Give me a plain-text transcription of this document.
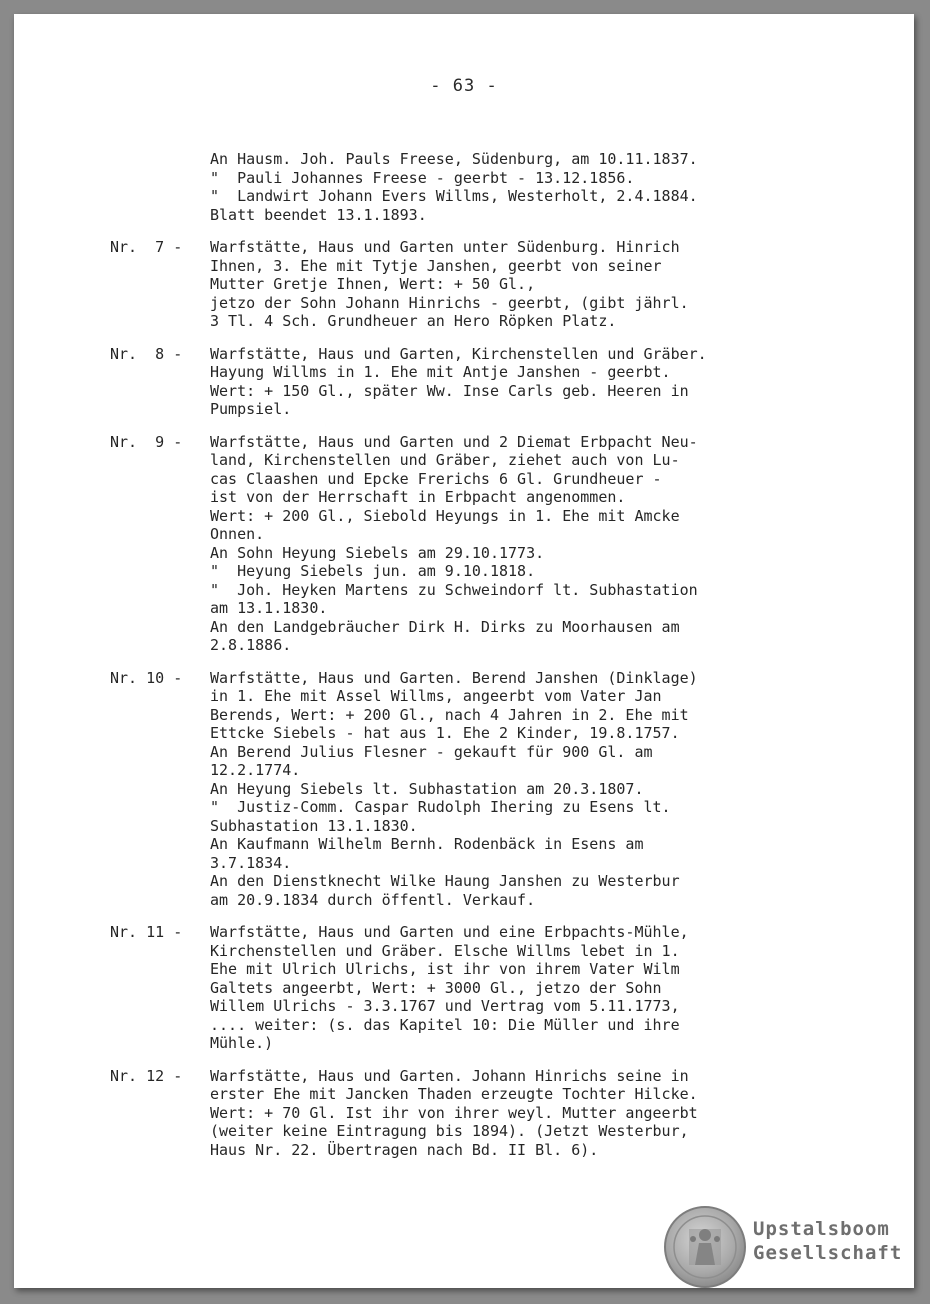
- 63 -
An Hausm. Joh. Pauls Freese, Südenburg, am 10.11.1837.
"  Pauli Johannes Freese - geerbt - 13.12.1856.
"  Landwirt Johann Evers Willms, Westerholt, 2.4.1884.
Blatt beendet 13.1.1893.
Nr.  7 -	Warfstätte, Haus und Garten unter Südenburg. Hinrich
Ihnen, 3. Ehe mit Tytje Janshen, geerbt von seiner
Mutter Gretje Ihnen, Wert: + 50 Gl.,
jetzo der Sohn Johann Hinrichs - geerbt, (gibt jährl.
3 Tl. 4 Sch. Grundheuer an Hero Röpken Platz.
Nr.  8 -	Warfstätte, Haus und Garten, Kirchenstellen und Gräber.
Hayung Willms in 1. Ehe mit Antje Janshen - geerbt.
Wert: + 150 Gl., später Ww. Inse Carls geb. Heeren in
Pumpsiel.
Nr.  9 -	Warfstätte, Haus und Garten und 2 Diemat Erbpacht Neu-
land, Kirchenstellen und Gräber, ziehet auch von Lu-
cas Claashen und Epcke Frerichs 6 Gl. Grundheuer -
ist von der Herrschaft in Erbpacht angenommen.
Wert: + 200 Gl., Siebold Heyungs in 1. Ehe mit Amcke
Onnen.
An Sohn Heyung Siebels am 29.10.1773.
"  Heyung Siebels jun. am 9.10.1818.
"  Joh. Heyken Martens zu Schweindorf lt. Subhastation
am 13.1.1830.
An den Landgebräucher Dirk H. Dirks zu Moorhausen am
2.8.1886.
Nr. 10 -	Warfstätte, Haus und Garten. Berend Janshen (Dinklage)
in 1. Ehe mit Assel Willms, angeerbt vom Vater Jan
Berends, Wert: + 200 Gl., nach 4 Jahren in 2. Ehe mit
Ettcke Siebels - hat aus 1. Ehe 2 Kinder, 19.8.1757.
An Berend Julius Flesner - gekauft für 900 Gl. am
12.2.1774.
An Heyung Siebels lt. Subhastation am 20.3.1807.
"  Justiz-Comm. Caspar Rudolph Ihering zu Esens lt.
Subhastation 13.1.1830.
An Kaufmann Wilhelm Bernh. Rodenbäck in Esens am
3.7.1834.
An den Dienstknecht Wilke Haung Janshen zu Westerbur
am 20.9.1834 durch öffentl. Verkauf.
Nr. 11 -	Warfstätte, Haus und Garten und eine Erbpachts-Mühle,
Kirchenstellen und Gräber. Elsche Willms lebet in 1.
Ehe mit Ulrich Ulrichs, ist ihr von ihrem Vater Wilm
Galtets angeerbt, Wert: + 3000 Gl., jetzo der Sohn
Willem Ulrichs - 3.3.1767 und Vertrag vom 5.11.1773,
.... weiter: (s. das Kapitel 10: Die Müller und ihre
Mühle.)
Nr. 12 -	Warfstätte, Haus und Garten. Johann Hinrichs seine in
erster Ehe mit Jancken Thaden erzeugte Tochter Hilcke.
Wert: + 70 Gl. Ist ihr von ihrer weyl. Mutter angeerbt
(weiter keine Eintragung bis 1894). (Jetzt Westerbur,
Haus Nr. 22. Übertragen nach Bd. II Bl. 6).
Upstalsboom
Gesellschaft
